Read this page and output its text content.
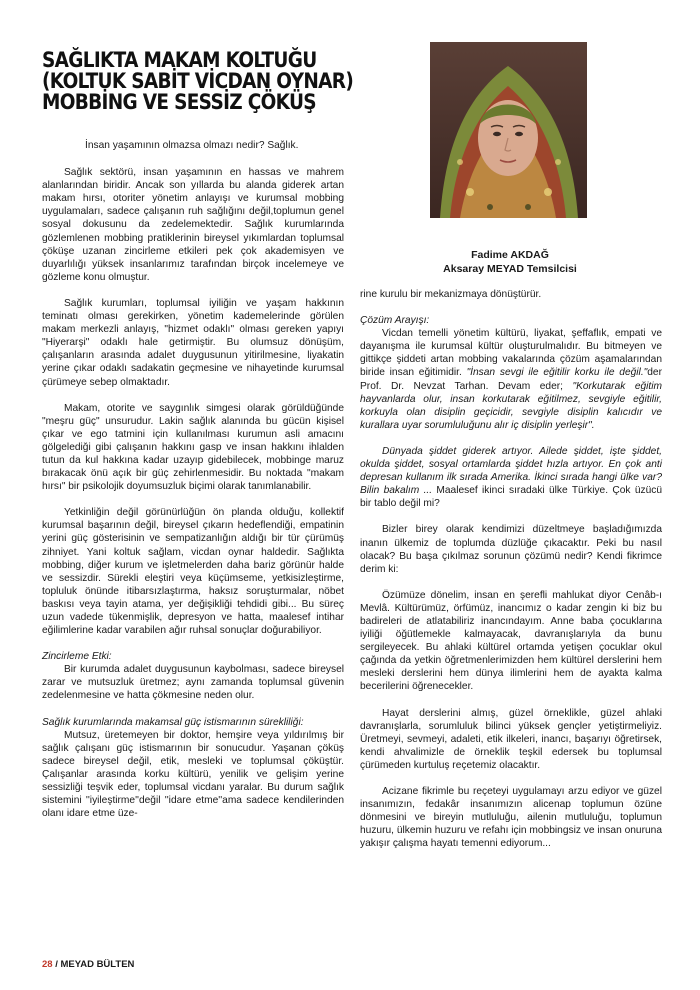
SAĞLIKTA MAKAM KOLTUĞU
(KOLTUK SABİT VİCDAN OYNAR)
MOBBİNG VE SESSİZ ÇÖKÜŞ
Fadime AKDAĞ
Aksaray MEYAD Temsilcisi

İnsan yaşamının olmazsa olmazı nedir? Sağlık.

Sağlık sektörü, insan yaşamının en hassas ve mahrem alanlarından biridir. Ancak son yıllarda bu alanda giderek artan makam hırsı, otoriter yönetim anlayışı ve kurumsal mobbing uygulamaları, sadece çalışanın ruh sağlığını değil,toplumun genel sosyal dokusunu da zedelemektedir. Sağlık kurumlarında gözlemlenen mobbing pratiklerinin bireysel yıkımlardan toplumsal çöküşe uzanan zincirleme etkileri pek çok akademisyen ve duyarlılığı yüksek insanlarımız tarafından birçok incelemeye ve gözleme konu olmuştur.

Sağlık kurumları, toplumsal iyiliğin ve yaşam hakkının teminatı olması gerekirken, yönetim kademelerinde görülen makam merkezli anlayış, "hizmet odaklı" olması gereken yapıyı "Hiyerarşi" odaklı hale getirmiştir. Bu olumsuz dönüşüm, çalışanların arasında adalet duygusunun yitirilmesine, liyakatin yerine çıkar odaklı sadakatin geçmesine ve nihayetinde kurumsal çürümeye sebep olmaktadır.

Makam, otorite ve saygınlık simgesi olarak görüldüğünde "meşru güç" unsurudur. Lakin sağlık alanında bu gücün kişisel çıkar ve ego tatmini için kullanılması kurumun asli amacını gölgelediği gibi çalışanın hakkını gasp ve insan hakkını ihlalden tutun da kul hakkına kadar uzayıp gidebilecek, mobbinge maruz bırakacak önü açık bir güç zehirlenmesidir. Bu noktada "makam hırsı" bir psikolojik doyumsuzluk biçimi olarak tanımlanabilir.

Yetkinliğin değil görünürlüğün ön planda olduğu, kollektif kurumsal başarının değil, bireysel çıkarın hedeflendiği, empatinin yerini güç gösterisinin ve sempatizanlığın aldığı bir tür çürümüş zihniyet. Yani koltuk sağlam, vicdan oynar haldedir. Sağlıkta mobbing, diğer kurum ve işletmelerden daha bariz görünür halde ve sessizdir. Sürekli eleştiri veya küçümseme, yetkisizleştirme, topluluk önünde itibarsızlaştırma, haksız soruşturmalar, nöbet baskısı veya tayin atama, yer değişikliği tehdidi gibi... Bu süreç uzun vadede tükenmişlik, depresyon ve hatta, maalesef intihar eğilimlerine kadar varabilen ağır ruhsal sonuçlar doğurabiliyor.

Zincirleme Etki:

Bir kurumda adalet duygusunun kaybolması, sadece bireysel zarar ve mutsuzluk üretmez; aynı zamanda toplumsal güvenin zedelenmesine ve hatta çökmesine neden olur.

Sağlık kurumlarında makamsal güç istismarının sürekliliği:

Mutsuz, üretemeyen bir doktor, hemşire veya yıldırılmış bir sağlık çalışanı güç istismarının bir sonucudur. Yaşanan çöküş sadece bireysel değil, etik, mesleki ve toplumsal çöküştür. Çalışanlar arasında korku kültürü, yenilik ve gelişim yerine sessizliği teşvik eder, toplumsal vicdanı yaralar. Bu durum sağlık sistemini ''iyileştirme''değil ''idare etme''ama sadece kendilerinden olanı idare etme üze-

rine kurulu bir mekanizmaya dönüştürür.

Çözüm Arayışı:

Vicdan temelli yönetim kültürü, liyakat, şeffaflık, empati ve dayanışma ile kurumsal kültür oluşturulmalıdır. Bu bitmeyen ve gittikçe şiddeti artan mobbing vakalarında çözüm aşamalarından biride insan eğitimidir. "İnsan sevgi ile eğitilir korku ile değil."der Prof. Dr. Nevzat Tarhan. Devam eder; "Korkutarak eğitim hayvanlarda olur, insan korkutarak eğitilmez, sevgiyle eğitilir, korkuyla olan disiplin geçicidir, sevgiyle disiplin kalıcıdır ve kurallara uyar sorumluluğunu alır iç disiplin yerleşir".

Dünyada şiddet giderek artıyor. Ailede şiddet, işte şiddet, okulda şiddet, sosyal ortamlarda şiddet hızla artıyor. En çok anti depresan kullanım ilk sırada Amerika. İkinci sırada hangi ülke var? Bilin bakalım ... Maalesef ikinci sıradaki ülke Türkiye. Çok üzücü bir tablo değil mi?

Bizler birey olarak kendimizi düzeltmeye başladığımızda inanın ülkemiz de toplumda düzlüğe çıkacaktır. Peki bu nasıl olacak? Bu başa çıkılmaz sorunun çözümü nedir? Kendi fikrimce derim ki:

Özümüze dönelim, insan en şerefli mahlukat diyor Cenâb-ı Mevlâ. Kültürümüz, örfümüz, inancımız o kadar zengin ki biz bu badireleri de atlatabiliriz inancındayım. Anne baba çocuklarına iyiliği öğütlemekle kalmayacak, davranışlarıyla da bunu sergileyecek. Bu ahlaki kültürel ortamda yetişen çocuklar okul çağında da yetkin öğretmenlerimizden hem kültürel derslerini hem mesleki derslerini hem dünya ilimlerini hem de ayakta kalma becerilerini öğrenecekler.

Hayat derslerini almış, güzel örneklikle, güzel ahlaki davranışlarla, sorumluluk bilinci yüksek gençler yetiştirmeliyiz. Üretmeyi, sevmeyi, adaleti, etik ilkeleri, inancı, başarıyı öğretirsek, kendi ahvalimizle de örneklik teşkil edersek bu toplumsal çürümeden kurtuluş reçetemiz olacaktır.

Acizane fikrimle bu reçeteyi uygulamayı arzu ediyor ve güzel insanımızın, fedakâr insanımızın alicenap toplumun özüne dönmesini ve bireyin mutluluğu, ailenin mutluluğu, toplumun huzuru, ülkemin huzuru ve refahı için mobbingsiz ve insan onuruna yakışır çalışma hayatı temenni ediyorum...

28 / MEYAD BÜLTEN
